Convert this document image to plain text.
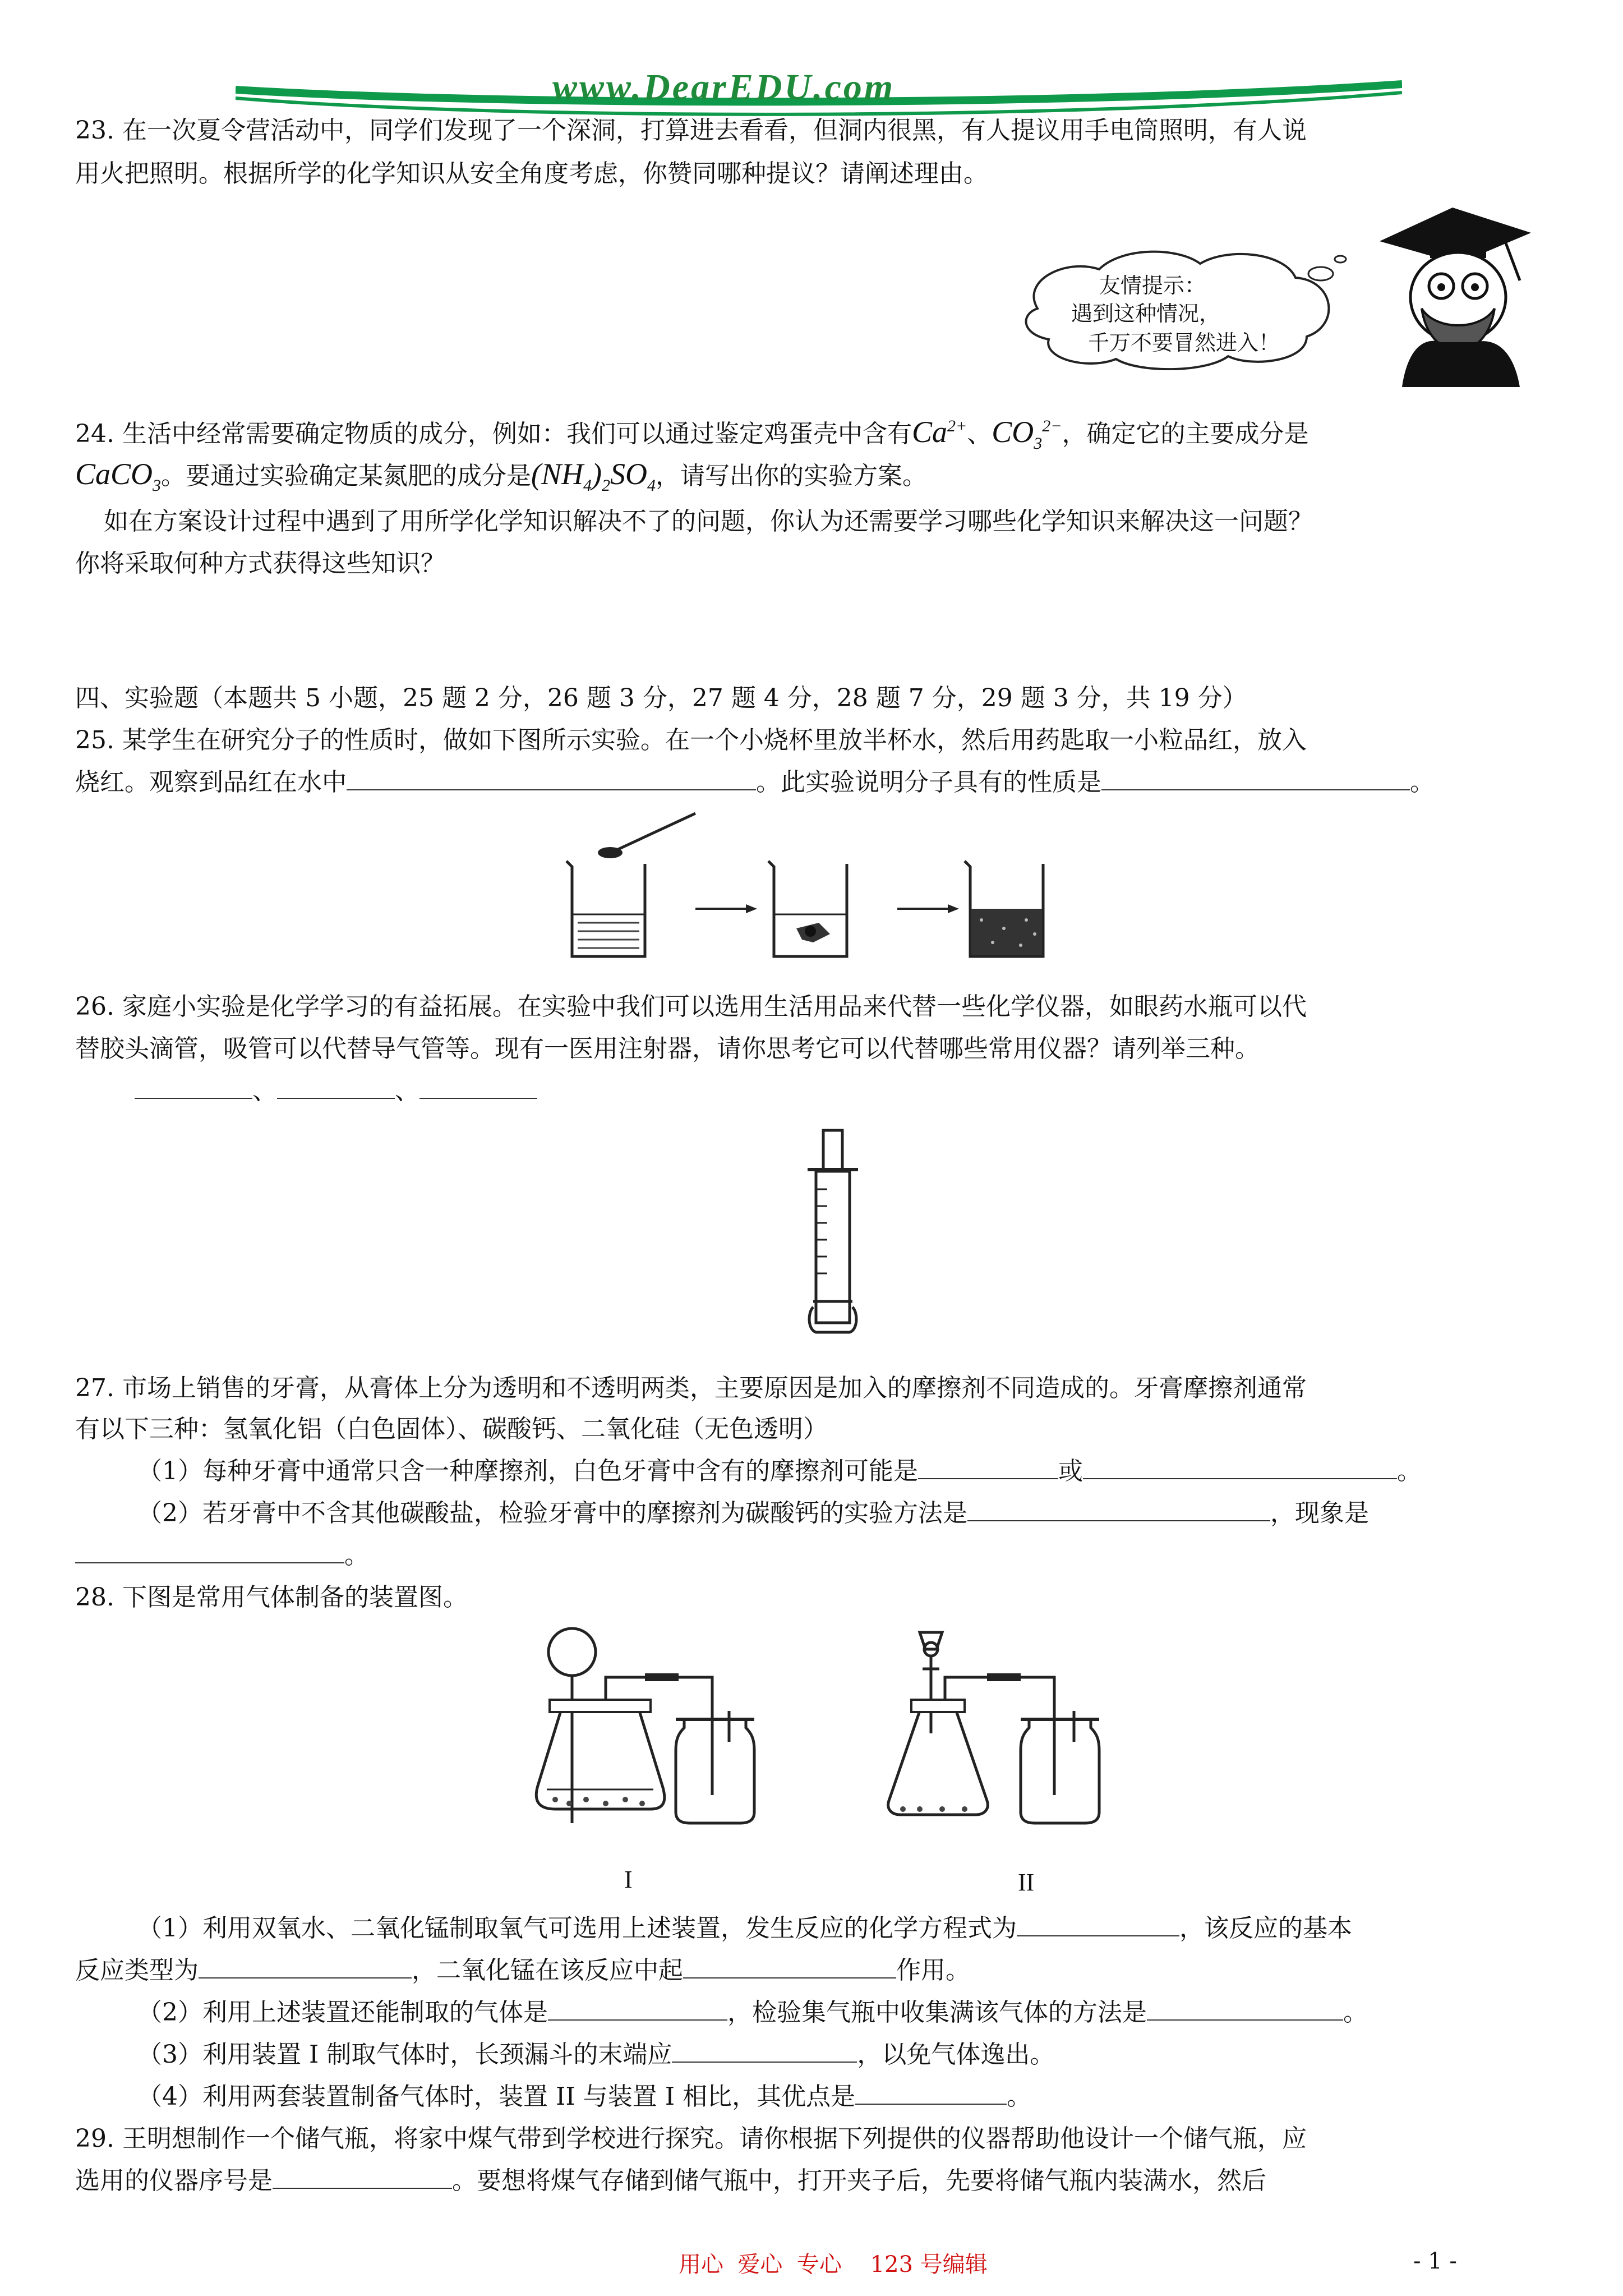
www.DearEDU.com
23. 在一次夏令营活动中，同学们发现了一个深洞，打算进去看看，但洞内很黑，有人提议用手电筒照明，有人说
用火把照明。根据所学的化学知识从安全角度考虑，你赞同哪种提议？请阐述理由。
友情提示：
遇到这种情况，
千万不要冒然进入！
24. 生活中经常需要确定物质的成分，例如：我们可以通过鉴定鸡蛋壳中含有$Ca^{2+}$、$CO_3^{2-}$，确定它的主要成分是
CaCO$_3$。要通过实验确定某氮肥的成分是$(NH_4)_2SO_4$，请写出你的实验方案。
如在方案设计过程中遇到了用所学化学知识解决不了的问题，你认为还需要学习哪些化学知识来解决这一问题？
你将采取何种方式获得这些知识？
四、实验题（本题共 5 小题，25 题 2 分，26 题 3 分，27 题 4 分，28 题 7 分，29 题 3 分，共 19 分）
25. 某学生在研究分子的性质时，做如下图所示实验。在一个小烧杯里放半杯水，然后用药匙取一小粒品红，放入
烧红。观察到品红在水中	。此实验说明分子具有的性质是	。
26. 家庭小实验是化学学习的有益拓展。在实验中我们可以选用生活用品来代替一些化学仪器，如眼药水瓶可以代
替胶头滴管，吸管可以代替导气管等。现有一医用注射器，请你思考它可以代替哪些常用仪器？请列举三种。
、	、
27. 市场上销售的牙膏，从膏体上分为透明和不透明两类，主要原因是加入的摩擦剂不同造成的。牙膏摩擦剂通常
有以下三种：氢氧化铝（白色固体）、碳酸钙、二氧化硅（无色透明）
（1）每种牙膏中通常只含一种摩擦剂，白色牙膏中含有的摩擦剂可能是	或	。
（2）若牙膏中不含其他碳酸盐，检验牙膏中的摩擦剂为碳酸钙的实验方法是	，现象是
。
28. 下图是常用气体制备的装置图。
I	II
（1）利用双氧水、二氧化锰制取氧气可选用上述装置，发生反应的化学方程式为	，该反应的基本
反应类型为	，二氧化锰在该反应中起	作用。
（2）利用上述装置还能制取的气体是	，检验集气瓶中收集满该气体的方法是	。
（3）利用装置 I 制取气体时，长颈漏斗的末端应	，以免气体逸出。
（4）利用两套装置制备气体时，装置 II 与装置 I 相比，其优点是	。
29. 王明想制作一个储气瓶，将家中煤气带到学校进行探究。请你根据下列提供的仪器帮助他设计一个储气瓶，应
选用的仪器序号是	。要想将煤气存储到储气瓶中，打开夹子后，先要将储气瓶内装满水，然后
用心  爱心  专心    123 号编辑	- 1 -
